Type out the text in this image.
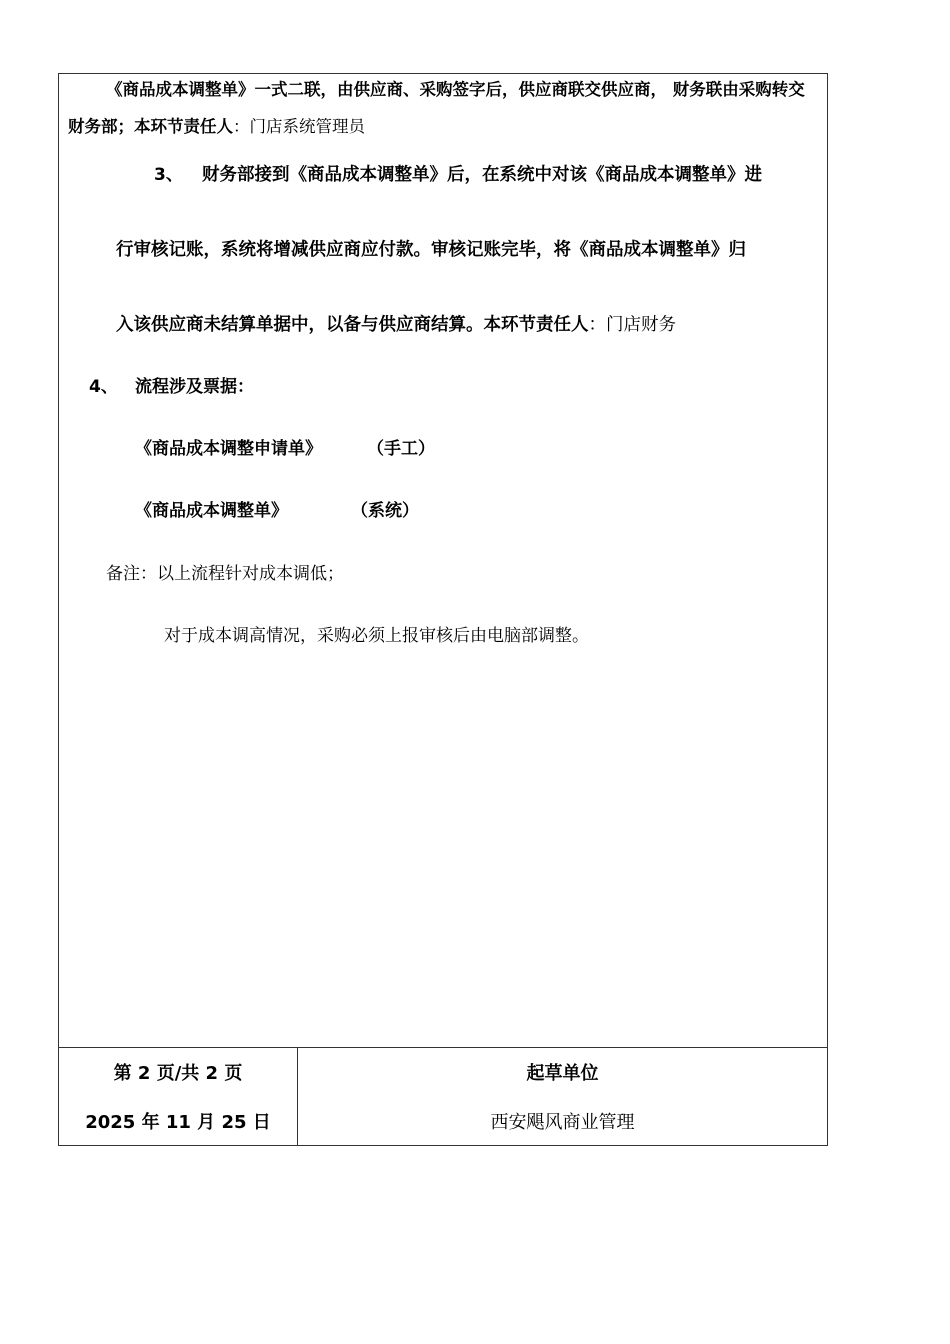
《商品成本调整单》一式二联，由供应商、采购签字后，供应商联交供应商， 财务联由采购转交
财务部；本环节责任人：门店系统管理员
3、 财务部接到《商品成本调整单》后，在系统中对该《商品成本调整单》进
行审核记账，系统将增减供应商应付款。审核记账完毕，将《商品成本调整单》归
入该供应商未结算单据中，以备与供应商结算。本环节责任人：门店财务
4、 流程涉及票据：
《商品成本调整申请单》	（手工）
《商品成本调整单》	（系统）
备注：以上流程针对成本调低；
对于成本调高情况，采购必须上报审核后由电脑部调整。
第 2 页/共 2 页
2025 年 11 月 25 日
起草单位
西安飓风商业管理
